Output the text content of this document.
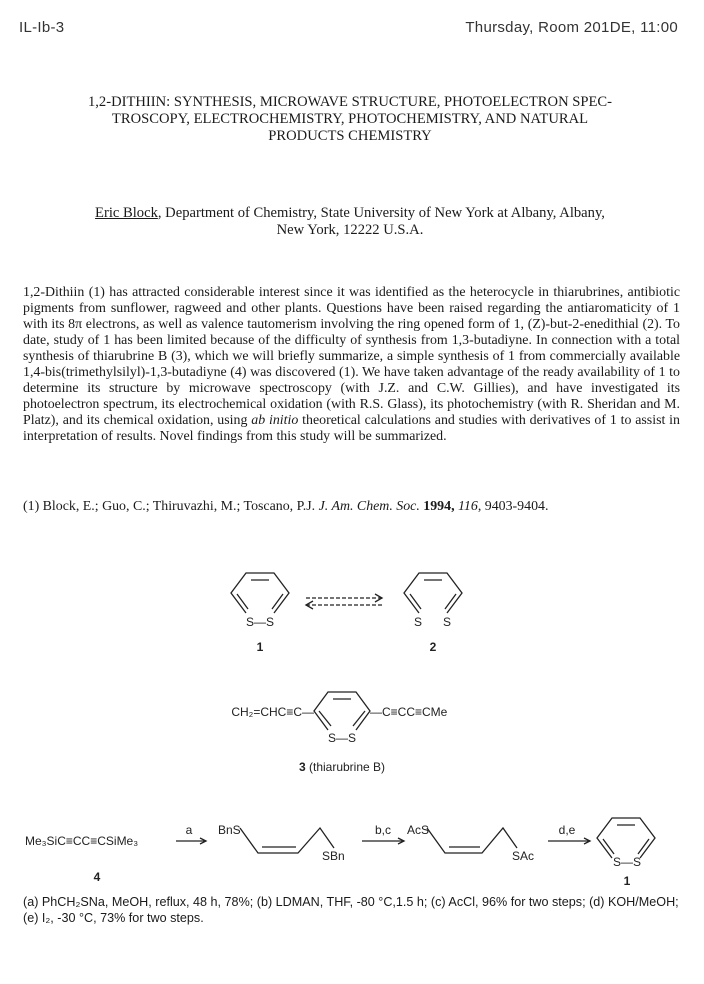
IL-Ib-3	Thursday, Room 201DE, 11:00
1,2-DITHIIN: SYNTHESIS, MICROWAVE STRUCTURE, PHOTOELECTRON SPEC-
TROSCOPY, ELECTROCHEMISTRY, PHOTOCHEMISTRY, AND NATURAL
PRODUCTS CHEMISTRY
Eric Block, Department of Chemistry, State University of New York at Albany, Albany,
New York, 12222 U.S.A.
1,2-Dithiin (1) has attracted considerable interest since it was identified as the heterocycle in thiarubrines, antibiotic pigments from sunflower, ragweed and other plants. Questions have been raised regarding the antiaromaticity of 1 with its 8π electrons, as well as valence tautomerism involving the ring opened form of 1, (Z)-but-2-enedithial (2). To date, study of 1 has been limited because of the difficulty of synthesis from 1,3-butadiyne. In connection with a total synthesis of thiarubrine B (3), which we will briefly summarize, a simple synthesis of 1 from commercially available 1,4-bis(trimethylsilyl)-1,3-butadiyne (4) was discovered (1). We have taken advantage of the ready availability of 1 to determine its structure by microwave spectroscopy (with J.Z. and C.W. Gillies), and have investigated its photoelectron spectrum, its electrochemical oxidation (with R.S. Glass), its photochemistry (with R. Sheridan and M. Platz), and its chemical oxidation, using ab initio theoretical calculations and studies with derivatives of 1 to assist in interpretation of results. Novel findings from this study will be summarized.
(1) Block, E.; Guo, C.; Thiruvazhi, M.; Toscano, P.J. J. Am. Chem. Soc. 1994, 116, 9403-9404.
S—S
1
S S
2
CH₂=CHC≡C—	—C≡CC≡CMe
S—S
3 (thiarubrine B)
Me₃SiC≡CC≡CSiMe₃
4
a	b,c	d,e
BnS
SBn
AcS
SAc	S—S
1
(a) PhCH₂SNa, MeOH, reflux, 48 h, 78%; (b) LDMAN, THF, -80 °C,1.5 h; (c) AcCl, 96% for two steps; (d) KOH/MeOH; (e) I₂, -30 °C, 73% for two steps.
